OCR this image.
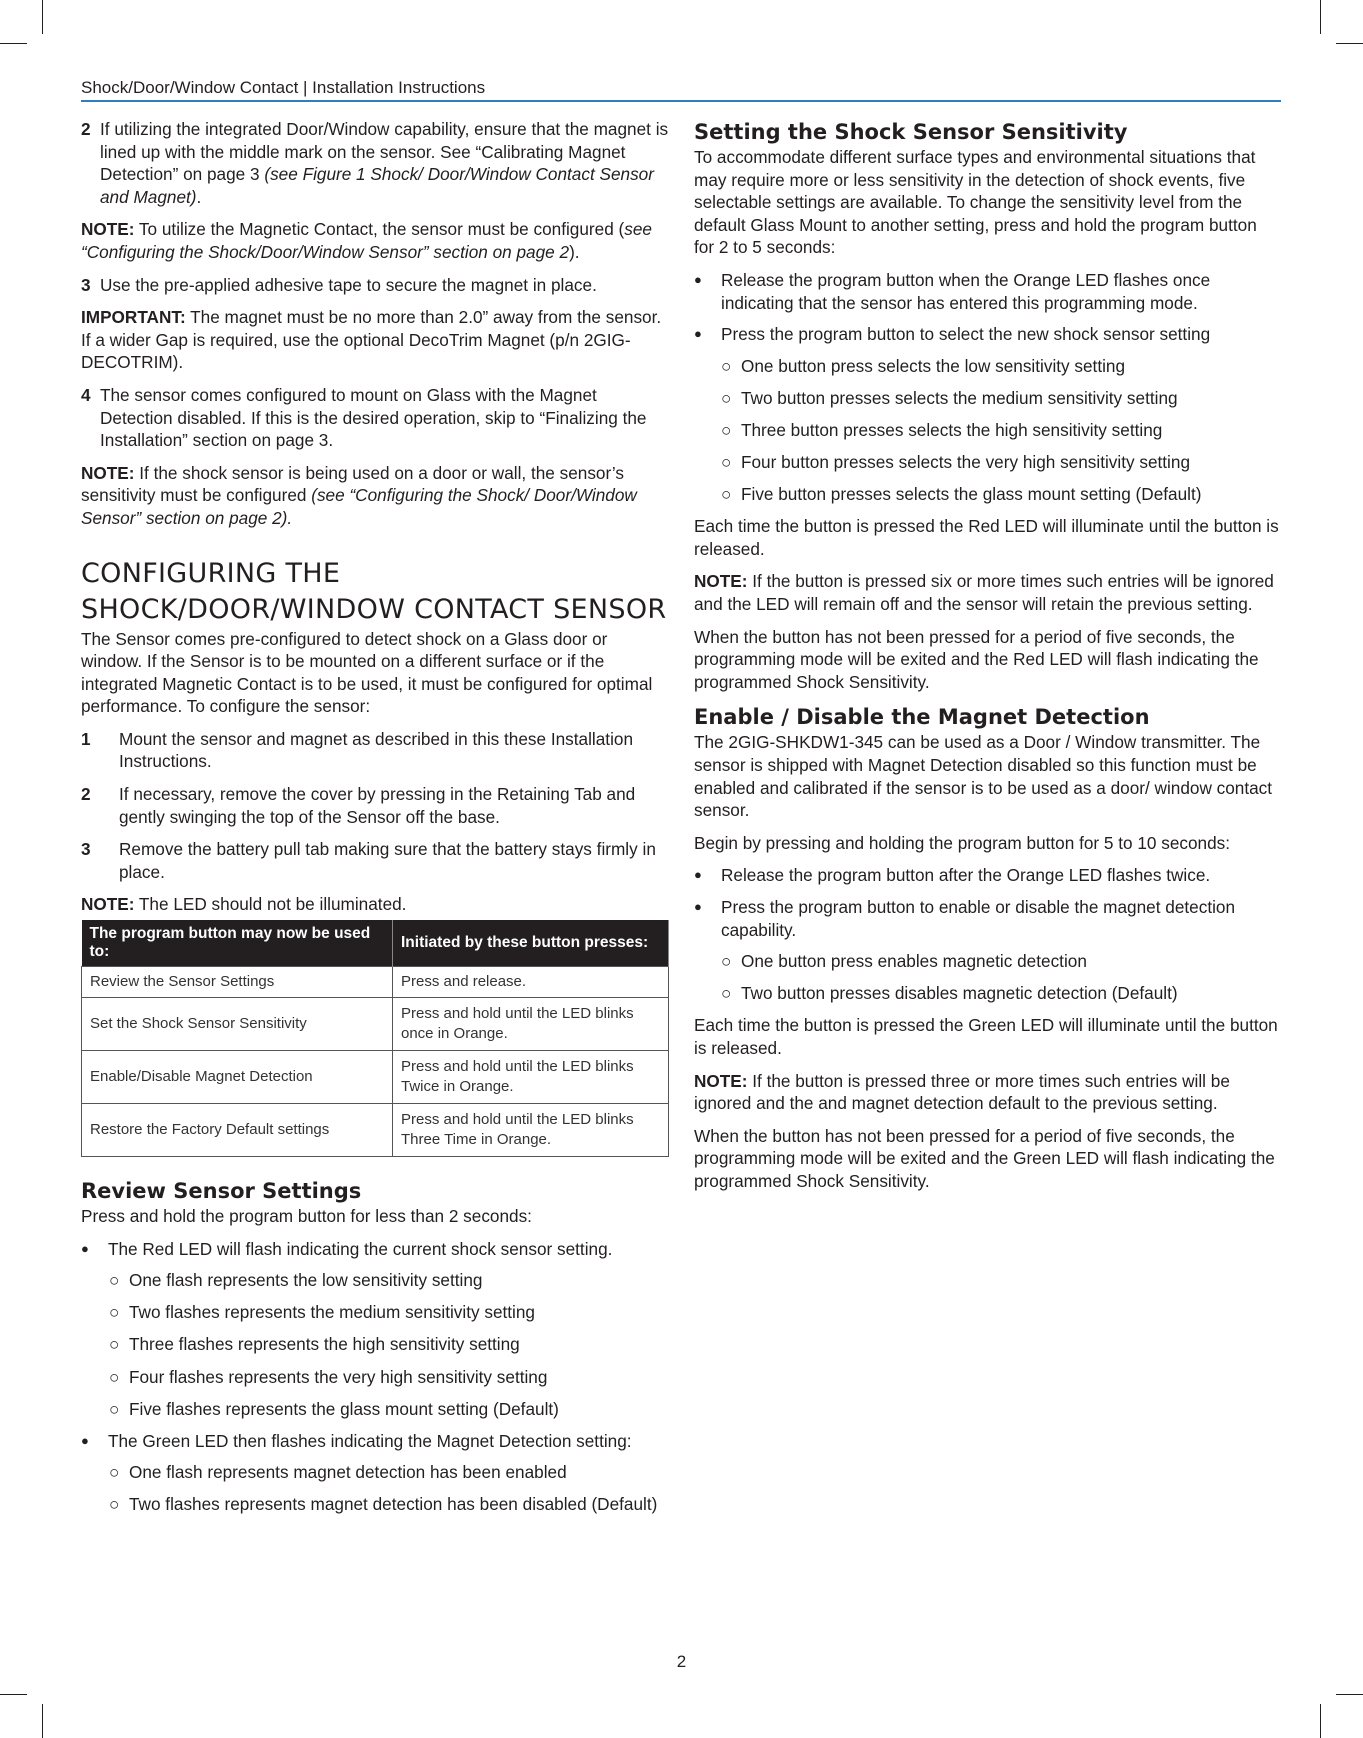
Shock/Door/Window Contact | Installation Instructions
2 If utilizing the integrated Door/Window capability, ensure that the magnet is lined up with the middle mark on the sensor. See “Calibrating Magnet Detection” on page 3 (see Figure 1 Shock/ Door/Window Contact Sensor and Magnet).

NOTE: To utilize the Magnetic Contact, the sensor must be configured (see “Configuring the Shock/Door/Window Sensor” section on page 2).

3 Use the pre-applied adhesive tape to secure the magnet in place.

IMPORTANT: The magnet must be no more than 2.0” away from the sensor. If a wider Gap is required, use the optional DecoTrim Magnet (p/n 2GIG-DECOTRIM).

4 The sensor comes configured to mount on Glass with the Magnet Detection disabled. If this is the desired operation, skip to “Finalizing the Installation” section on page 3.

NOTE: If the shock sensor is being used on a door or wall, the sensor’s sensitivity must be configured (see “Configuring the Shock/ Door/Window Sensor” section on page 2).

CONFIGURING THE SHOCK/DOOR/WINDOW CONTACT SENSOR

The Sensor comes pre-configured to detect shock on a Glass door or window. If the Sensor is to be mounted on a different surface or if the integrated Magnetic Contact is to be used, it must be configured for optimal performance. To configure the sensor:

1	Mount the sensor and magnet as described in this these Installation Instructions.
2	If necessary, remove the cover by pressing in the Retaining Tab and gently swinging the top of the Sensor off the base.
3	Remove the battery pull tab making sure that the battery stays firmly in place.

NOTE: The LED should not be illuminated.

The program button may now be used to:	Initiated by these button presses:
Review the Sensor Settings	Press and release.
Set the Shock Sensor Sensitivity	Press and hold until the LED blinks once in Orange.
Enable/Disable Magnet Detection	Press and hold until the LED blinks Twice in Orange.
Restore the Factory Default settings	Press and hold until the LED blinks Three Time in Orange.
Review Sensor Settings

Press and hold the program button for less than 2 seconds:

●	The Red LED will flash indicating the current shock sensor setting.
○ One flash represents the low sensitivity setting
○ Two flashes represents the medium sensitivity setting
○ Three flashes represents the high sensitivity setting
○ Four flashes represents the very high sensitivity setting
○ Five flashes represents the glass mount setting (Default)
●	The Green LED then flashes indicating the Magnet Detection setting:
○ One flash represents magnet detection has been enabled
○ Two flashes represents magnet detection has been disabled (Default)
Setting the Shock Sensor Sensitivity

To accommodate different surface types and environmental situations that may require more or less sensitivity in the detection of shock events, five selectable settings are available. To change the sensitivity level from the default Glass Mount to another setting, press and hold the program button for 2 to 5 seconds:

●	Release the program button when the Orange LED flashes once indicating that the sensor has entered this programming mode.
●	Press the program button to select the new shock sensor setting
○ One button press selects the low sensitivity setting
○ Two button presses selects the medium sensitivity setting
○ Three button presses selects the high sensitivity setting
○ Four button presses selects the very high sensitivity setting
○ Five button presses selects the glass mount setting (Default)

Each time the button is pressed the Red LED will illuminate until the button is released.

NOTE: If the button is pressed six or more times such entries will be ignored and the LED will remain off and the sensor will retain the previous setting.

When the button has not been pressed for a period of five seconds, the programming mode will be exited and the Red LED will flash indicating the programmed Shock Sensitivity.

Enable / Disable the Magnet Detection

The 2GIG-SHKDW1-345 can be used as a Door / Window transmitter. The sensor is shipped with Magnet Detection disabled so this function must be enabled and calibrated if the sensor is to be used as a door/ window contact sensor.

Begin by pressing and holding the program button for 5 to 10 seconds:

●	Release the program button after the Orange LED flashes twice.
●	Press the program button to enable or disable the magnet detection capability.
○ One button press enables magnetic detection
○ Two button presses disables magnetic detection (Default)

Each time the button is pressed the Green LED will illuminate until the button is released.

NOTE: If the button is pressed three or more times such entries will be ignored and the and magnet detection default to the previous setting.

When the button has not been pressed for a period of five seconds, the programming mode will be exited and the Green LED will flash indicating the programmed Shock Sensitivity.

2
